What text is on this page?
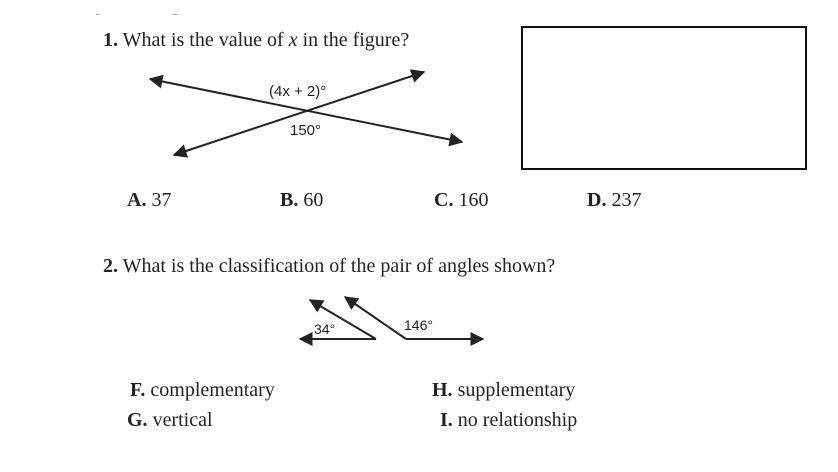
1. What is the value of x in the figure?
(4x + 2)°
150°
A. 37	B. 60	C. 160	D. 237
2. What is the classification of the pair of angles shown?
34°	146°
F. complementary
G. vertical
H. supplementary
I. no relationship
